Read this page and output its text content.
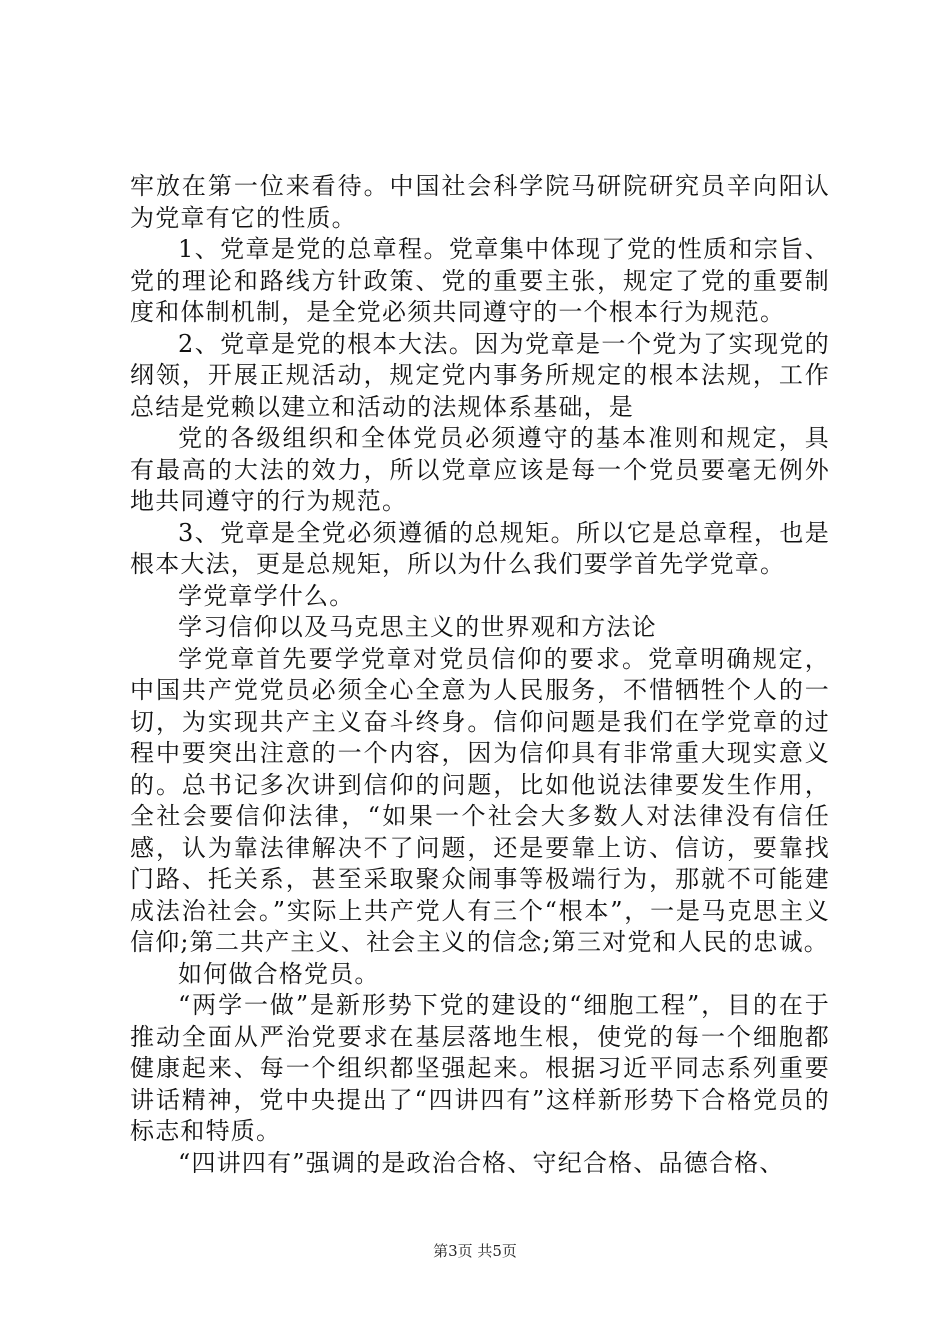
牢放在第一位来看待。中国社会科学院马研院研究员辛向阳认为党章有它的性质。

1、党章是党的总章程。党章集中体现了党的性质和宗旨、党的理论和路线方针政策、党的重要主张，规定了党的重要制度和体制机制，是全党必须共同遵守的一个根本行为规范。

2、党章是党的根本大法。因为党章是一个党为了实现党的纲领，开展正规活动，规定党内事务所规定的根本法规，工作总结是党赖以建立和活动的法规体系基础，是

党的各级组织和全体党员必须遵守的基本准则和规定，具有最高的大法的效力，所以党章应该是每一个党员要毫无例外地共同遵守的行为规范。

3、党章是全党必须遵循的总规矩。所以它是总章程，也是根本大法，更是总规矩，所以为什么我们要学首先学党章。

学党章学什么。

学习信仰以及马克思主义的世界观和方法论

学党章首先要学党章对党员信仰的要求。党章明确规定，中国共产党党员必须全心全意为人民服务，不惜牺牲个人的一切，为实现共产主义奋斗终身。信仰问题是我们在学党章的过程中要突出注意的一个内容，因为信仰具有非常重大现实意义的。总书记多次讲到信仰的问题，比如他说法律要发生作用，全社会要信仰法律，“如果一个社会大多数人对法律没有信任感，认为靠法律解决不了问题，还是要靠上访、信访，要靠找门路、托关系，甚至采取聚众闹事等极端行为，那就不可能建成法治社会。”实际上共产党人有三个“根本”，一是马克思主义信仰;第二共产主义、社会主义的信念;第三对党和人民的忠诚。

如何做合格党员。

“两学一做”是新形势下党的建设的“细胞工程”，目的在于推动全面从严治党要求在基层落地生根，使党的每一个细胞都健康起来、每一个组织都坚强起来。根据习近平同志系列重要讲话精神，党中央提出了“四讲四有”这样新形势下合格党员的标志和特质。

“四讲四有”强调的是政治合格、守纪合格、品德合格、

第3页 共5页
